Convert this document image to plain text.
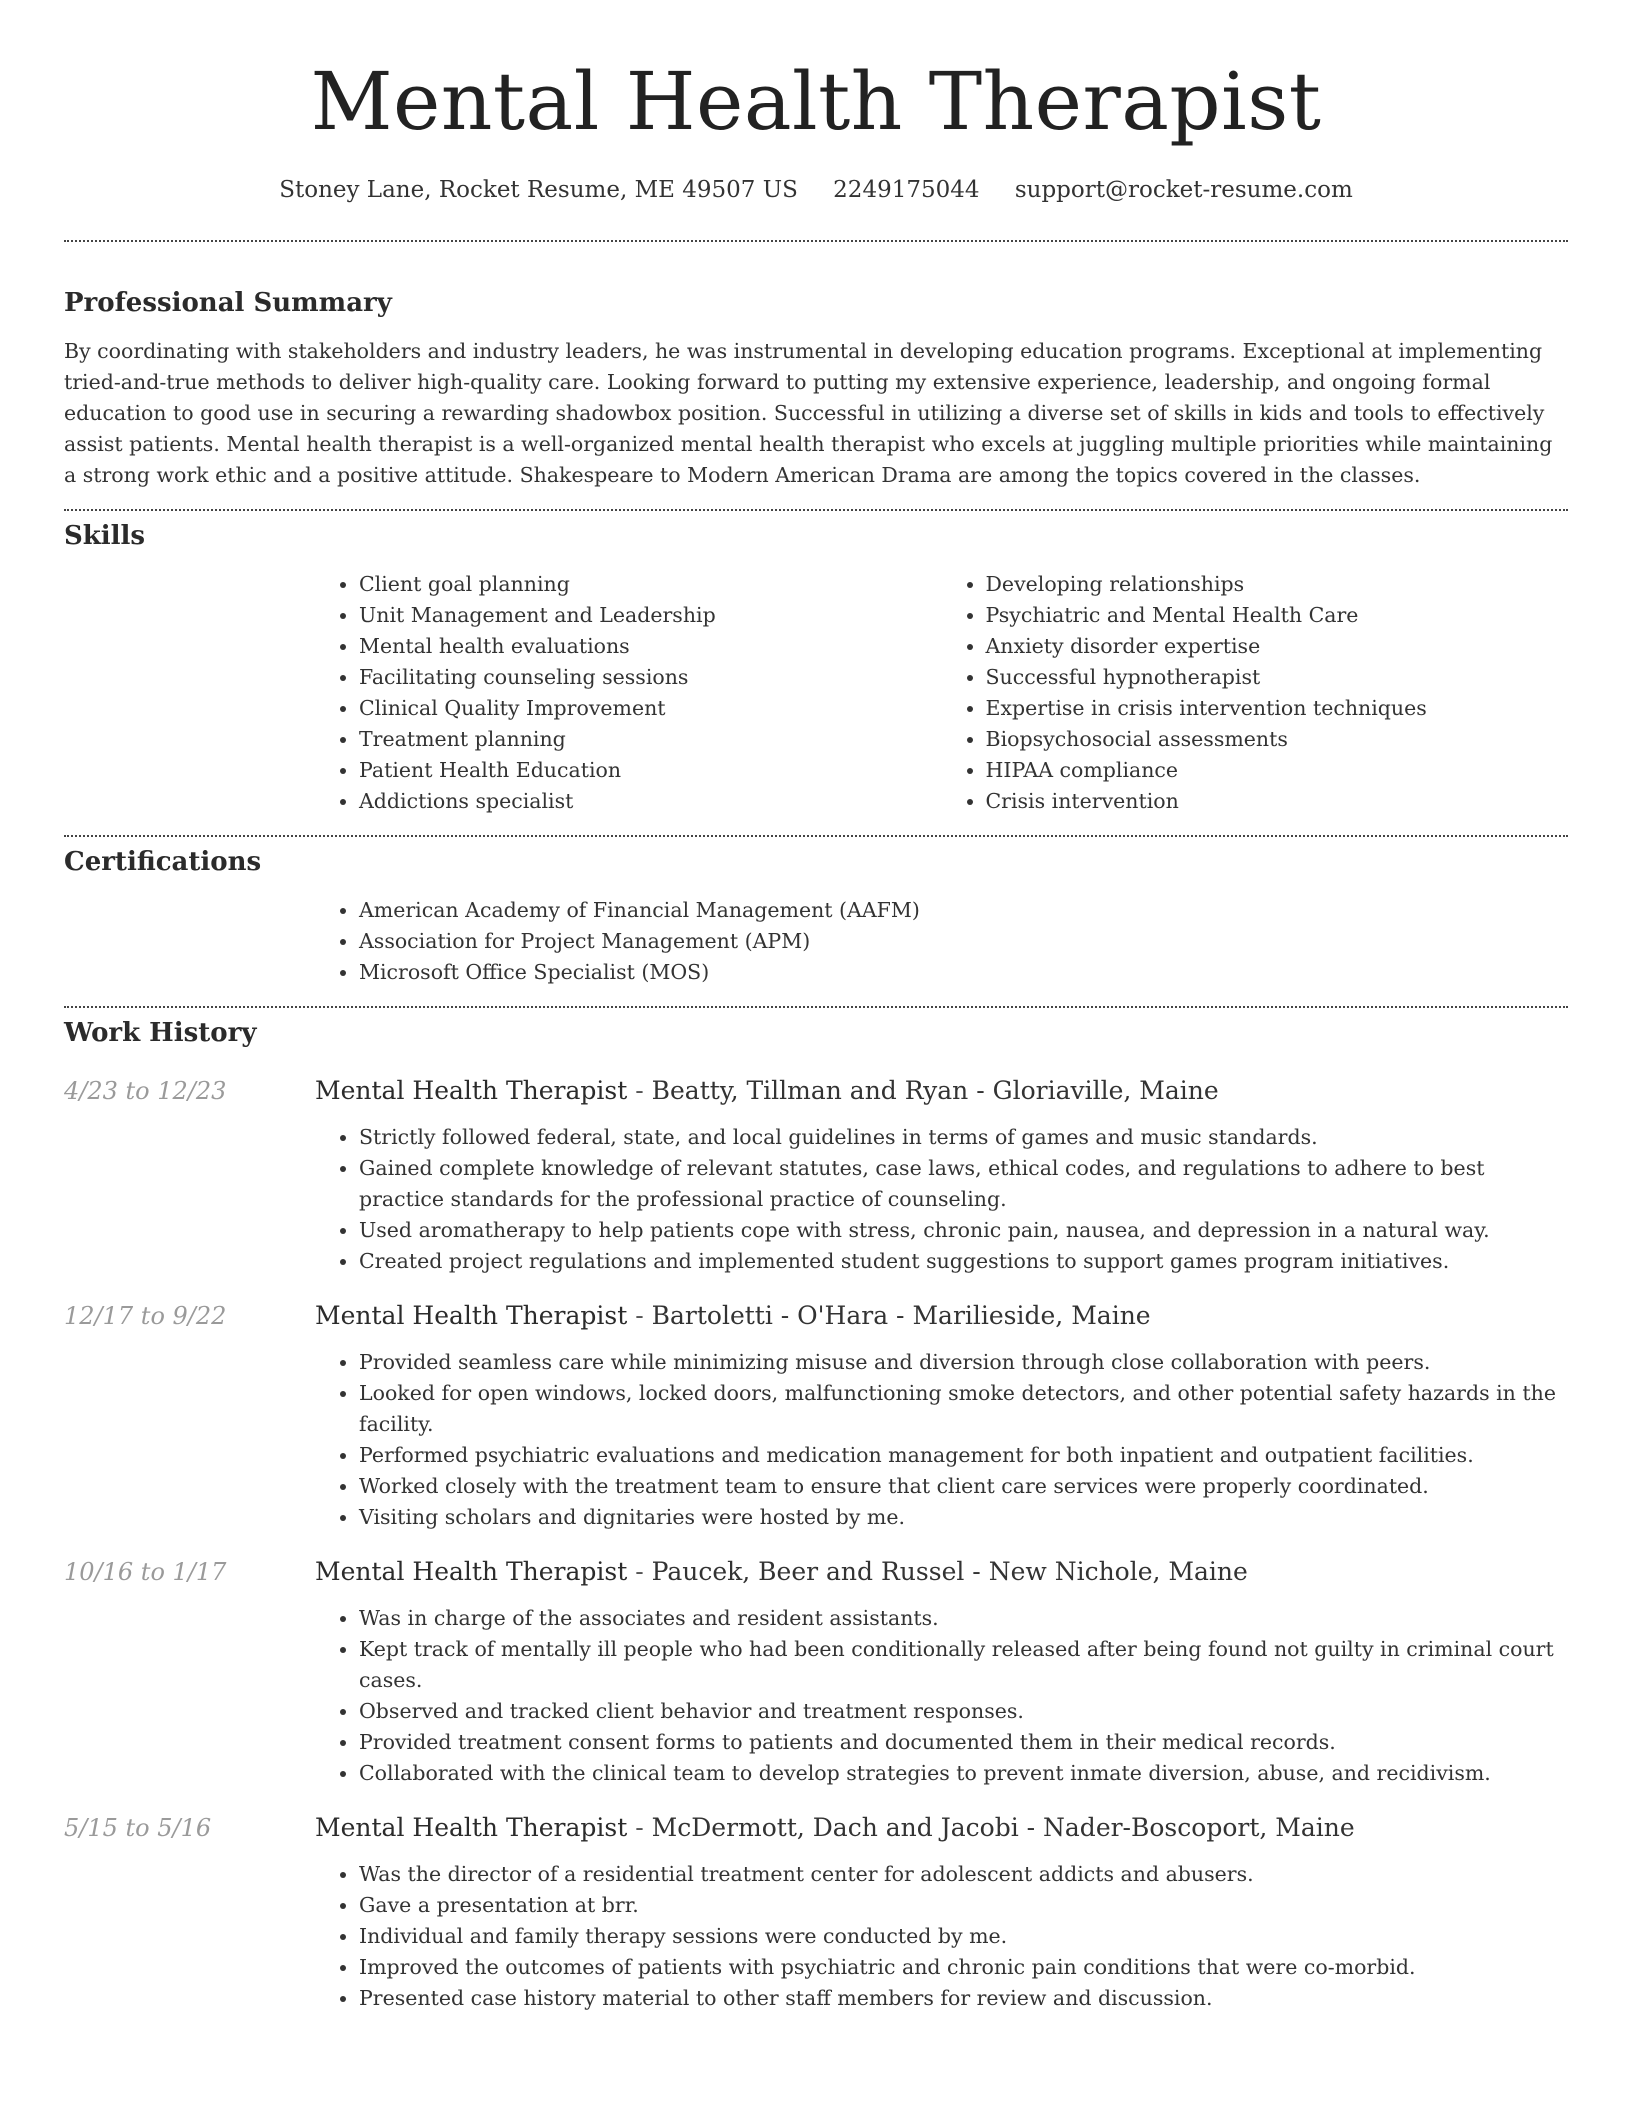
Mental Health Therapist
Stoney Lane, Rocket Resume, ME 49507 US 2249175044 support@rocket-resume.com
Professional Summary

By coordinating with stakeholders and industry leaders, he was instrumental in developing education programs. Exceptional at implementing tried-and-true methods to deliver high-quality care. Looking forward to putting my extensive experience, leadership, and ongoing formal education to good use in securing a rewarding shadowbox position. Successful in utilizing a diverse set of skills in kids and tools to effectively assist patients. Mental health therapist is a well-organized mental health therapist who excels at juggling multiple priorities while maintaining a strong work ethic and a positive attitude. Shakespeare to Modern American Drama are among the topics covered in the classes.

Skills
• Client goal planning
• Unit Management and Leadership
• Mental health evaluations
• Facilitating counseling sessions
• Clinical Quality Improvement
• Treatment planning
• Patient Health Education
• Addictions specialist
• Developing relationships
• Psychiatric and Mental Health Care
• Anxiety disorder expertise
• Successful hypnotherapist
• Expertise in crisis intervention techniques
• Biopsychosocial assessments
• HIPAA compliance
• Crisis intervention
Certifications
• American Academy of Financial Management (AAFM)
• Association for Project Management (APM)
• Microsoft Office Specialist (MOS)
Work History
4/23 to 12/23	Mental Health Therapist - Beatty, Tillman and Ryan - Gloriaville, Maine
• Strictly followed federal, state, and local guidelines in terms of games and music standards.
• Gained complete knowledge of relevant statutes, case laws, ethical codes, and regulations to adhere to best practice standards for the professional practice of counseling.
• Used aromatherapy to help patients cope with stress, chronic pain, nausea, and depression in a natural way.
• Created project regulations and implemented student suggestions to support games program initiatives.
12/17 to 9/22	Mental Health Therapist - Bartoletti - O'Hara - Marilieside, Maine
• Provided seamless care while minimizing misuse and diversion through close collaboration with peers.
• Looked for open windows, locked doors, malfunctioning smoke detectors, and other potential safety hazards in the facility.
• Performed psychiatric evaluations and medication management for both inpatient and outpatient facilities.
• Worked closely with the treatment team to ensure that client care services were properly coordinated.
• Visiting scholars and dignitaries were hosted by me.
10/16 to 1/17	Mental Health Therapist - Paucek, Beer and Russel - New Nichole, Maine
• Was in charge of the associates and resident assistants.
• Kept track of mentally ill people who had been conditionally released after being found not guilty in criminal court cases.
• Observed and tracked client behavior and treatment responses.
• Provided treatment consent forms to patients and documented them in their medical records.
• Collaborated with the clinical team to develop strategies to prevent inmate diversion, abuse, and recidivism.
5/15 to 5/16	Mental Health Therapist - McDermott, Dach and Jacobi - Nader-Boscoport, Maine
• Was the director of a residential treatment center for adolescent addicts and abusers.
• Gave a presentation at brr.
• Individual and family therapy sessions were conducted by me.
• Improved the outcomes of patients with psychiatric and chronic pain conditions that were co-morbid.
• Presented case history material to other staff members for review and discussion.
